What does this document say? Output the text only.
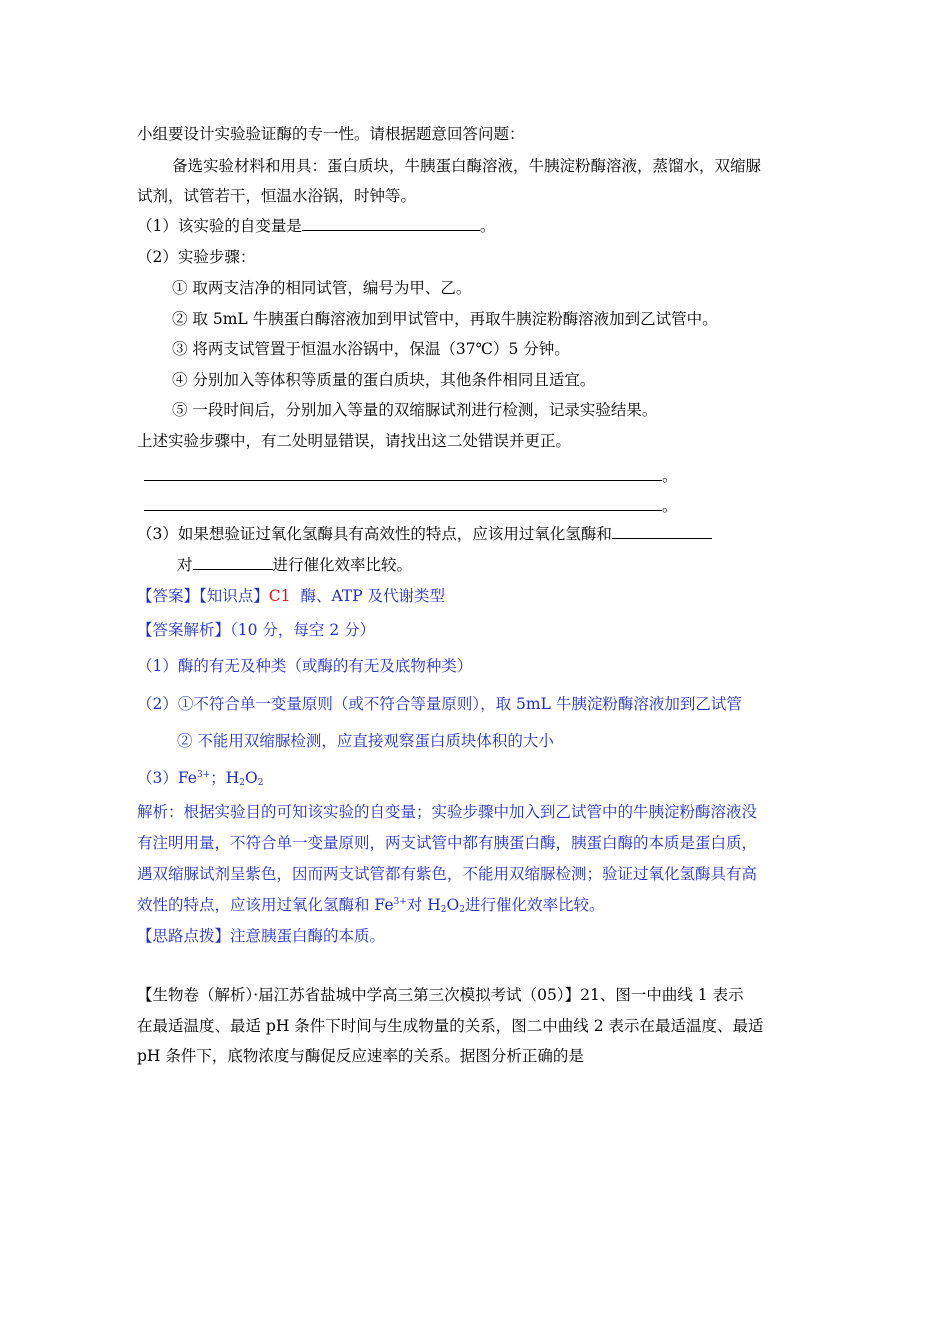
小组要设计实验验证酶的专一性。请根据题意回答问题：
备选实验材料和用具：蛋白质块，牛胰蛋白酶溶液，牛胰淀粉酶溶液，蒸馏水，双缩脲
试剂，试管若干，恒温水浴锅，时钟等。
（1）该实验的自变量是	。
（2）实验步骤：
① 取两支洁净的相同试管，编号为甲、乙。
② 取 5mL 牛胰蛋白酶溶液加到甲试管中，再取牛胰淀粉酶溶液加到乙试管中。
③ 将两支试管置于恒温水浴锅中，保温（37℃）5 分钟。
④ 分别加入等体积等质量的蛋白质块，其他条件相同且适宜。
⑤ 一段时间后，分别加入等量的双缩脲试剂进行检测，记录实验结果。
上述实验步骤中，有二处明显错误，请找出这二处错误并更正。
。
。
（3）如果想验证过氧化氢酶具有高效性的特点，应该用过氧化氢酶和
对	进行催化效率比较。
【答案】【知识点】C1 酶、ATP 及代谢类型
【答案解析】（10 分，每空 2 分）
（1）酶的有无及种类（或酶的有无及底物种类）
（2）①不符合单一变量原则（或不符合等量原则），取 5mL 牛胰淀粉酶溶液加到乙试管
② 不能用双缩脲检测，应直接观察蛋白质块体积的大小
$(3)Fe^{3+}$；$H_2O_2$
解析：根据实验目的可知该实验的自变量；实验步骤中加入到乙试管中的牛胰淀粉酶溶液没
有注明用量，不符合单一变量原则，两支试管中都有胰蛋白酶，胰蛋白酶的本质是蛋白质，
遇双缩脲试剂呈紫色，因而两支试管都有紫色，不能用双缩脲检测；验证过氧化氢酶具有高
效性的特点，应该用过氧化氢酶和 $Fe^{3+}$对 $H_2O_2$进行催化效率比较。
【思路点拨】注意胰蛋白酶的本质。
【生物卷（解析）·届江苏省盐城中学高三第三次模拟考试（05）】21、图一中曲线 1 表示
在最适温度、最适 pH 条件下时间与生成物量的关系，图二中曲线 2 表示在最适温度、最适
pH 条件下，底物浓度与酶促反应速率的关系。据图分析正确的是
